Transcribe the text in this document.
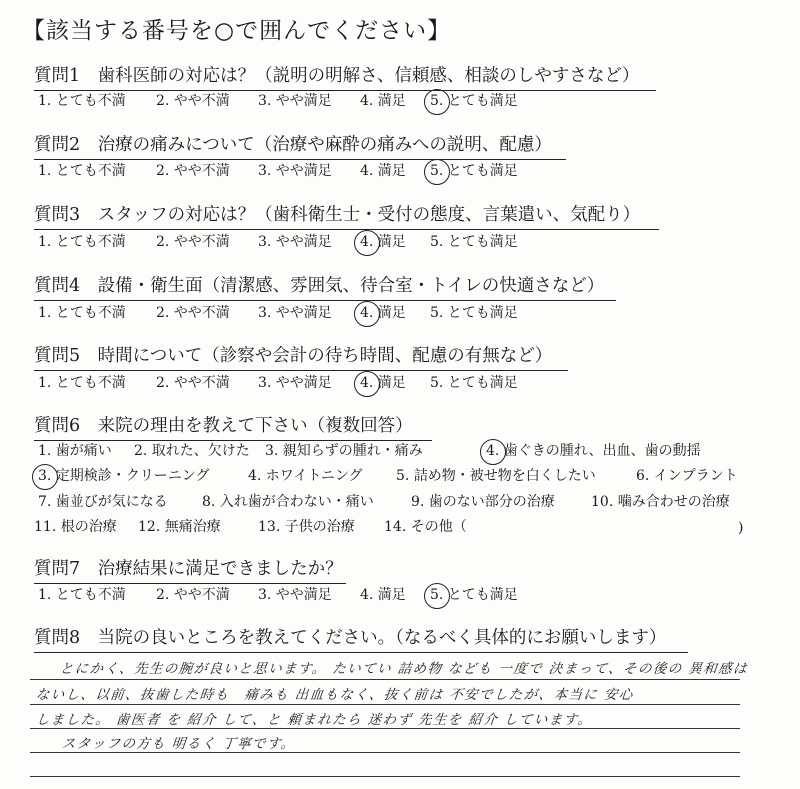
【該当する番号を○で囲んでください】
質問1　歯科医師の対応は？（説明の明解さ、信頼感、相談のしやすさなど）
1. とても不満 2. やや不満 3. やや満足 4. 満足 5. とても満足
質問2　治療の痛みについて（治療や麻酔の痛みへの説明、配慮）
1. とても不満 2. やや不満 3. やや満足 4. 満足 5. とても満足
質問3　スタッフの対応は？（歯科衛生士・受付の態度、言葉遣い、気配り）
1. とても不満 2. やや不満 3. やや満足 4. 満足 5. とても満足
質問4　設備・衛生面（清潔感、雰囲気、待合室・トイレの快適さなど）
1. とても不満 2. やや不満 3. やや満足 4. 満足 5. とても満足
質問5　時間について（診察や会計の待ち時間、配慮の有無など）
1. とても不満 2. やや不満 3. やや満足 4. 満足 5. とても満足
質問6　来院の理由を教えて下さい（複数回答）
1. 歯が痛い 2. 取れた、欠けた 3. 親知らずの腫れ・痛み	4. 歯ぐきの腫れ、出血、歯の動揺
3. 定期検診・クリーニング	4. ホワイトニング 5. 詰め物・被せ物を白くしたい	6. インプラント
7. 歯並びが気になる 8. 入れ歯が合わない・痛い	9. 歯のない部分の治療	10. 噛み合わせの治療
11. 根の治療 12. 無痛治療	13. 子供の治療 14. その他（	)
質問7　治療結果に満足できましたか？
1. とても不満 2. やや不満 3. やや満足 4. 満足 5. とても満足
質問8　当院の良いところを教えてください。（なるべく具体的にお願いします）
とにかく、先生の腕が良いと思います。 たいてい 詰め物 なども 一度で 決まって、その後の 異和感は
ないし、以前、抜歯した時も　痛みも 出血もなく、抜く前は 不安でしたが、本当に 安心
しました。 歯医者 を 紹介 して、と 頼まれたら 迷わず 先生を 紹介 しています。
スタッフの方も 明るく 丁寧です。
